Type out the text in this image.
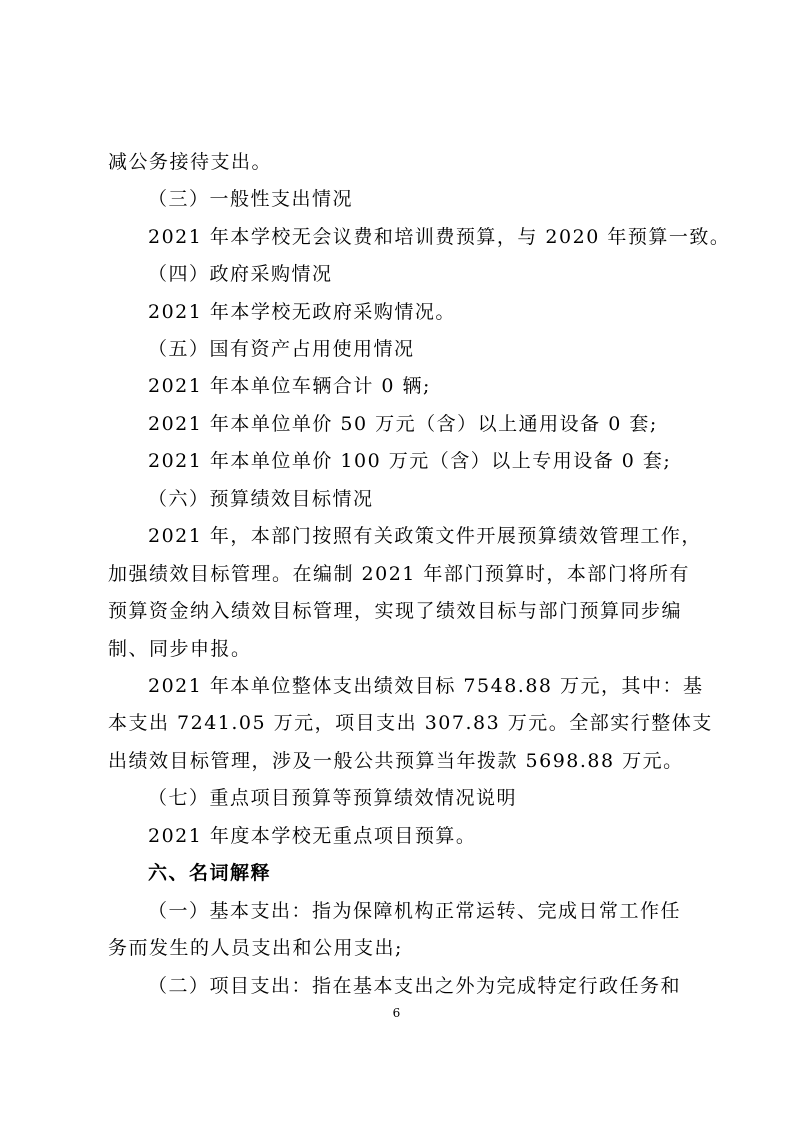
减公务接待支出。
（三）一般性支出情况
2021 年本学校无会议费和培训费预算，与 2020 年预算一致。
（四）政府采购情况
2021 年本学校无政府采购情况。
（五）国有资产占用使用情况
2021 年本单位车辆合计 0 辆;
2021 年本单位单价 50 万元（含）以上通用设备 0 套;
2021 年本单位单价 100 万元（含）以上专用设备 0 套;
（六）预算绩效目标情况
2021 年，本部门按照有关政策文件开展预算绩效管理工作，
加强绩效目标管理。在编制 2021 年部门预算时，本部门将所有
预算资金纳入绩效目标管理，实现了绩效目标与部门预算同步编
制、同步申报。
2021 年本单位整体支出绩效目标 7548.88 万元，其中：基
本支出 7241.05 万元，项目支出 307.83 万元。全部实行整体支
出绩效目标管理，涉及一般公共预算当年拨款 5698.88 万元。
（七）重点项目预算等预算绩效情况说明
2021 年度本学校无重点项目预算。
六、名词解释
（一）基本支出：指为保障机构正常运转、完成日常工作任
务而发生的人员支出和公用支出;
（二）项目支出：指在基本支出之外为完成特定行政任务和
6
